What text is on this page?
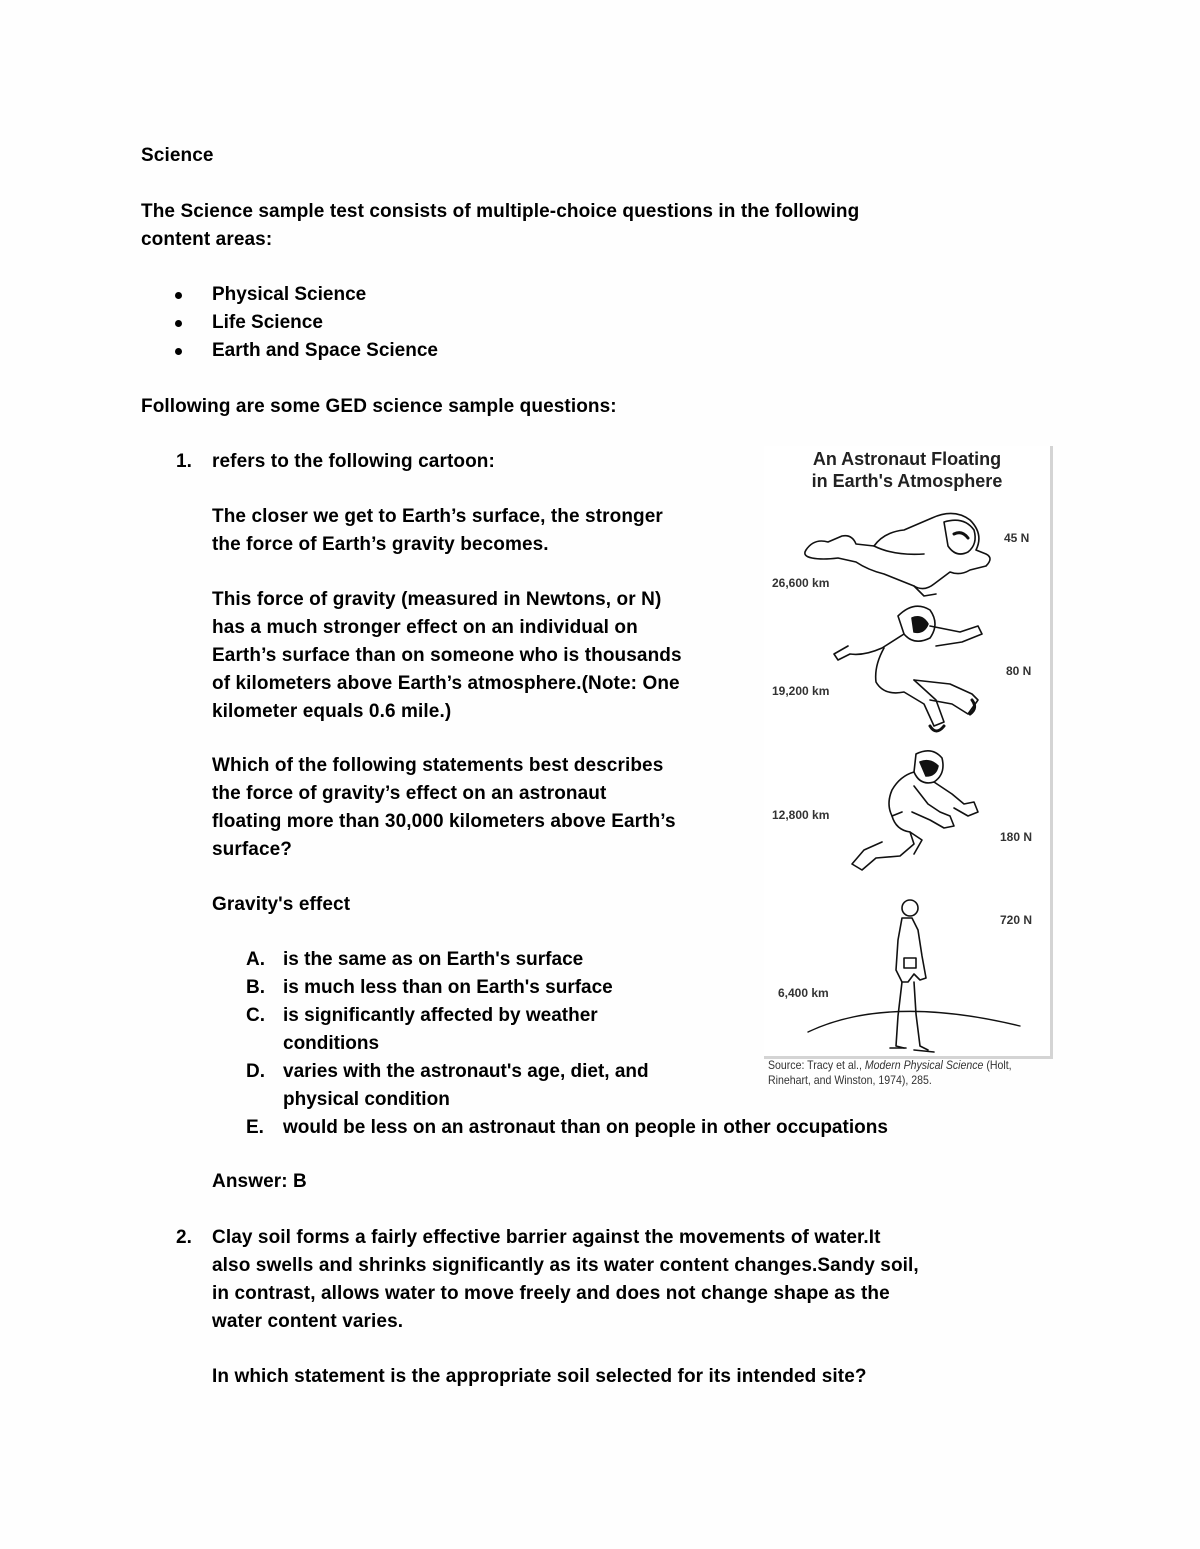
Science
The Science sample test consists of multiple-choice questions in the following
content areas:
Physical Science
Life Science
Earth and Space Science
Following are some GED science sample questions:
1. refers to the following cartoon:
The closer we get to Earth’s surface, the stronger
the force of Earth’s gravity becomes.
This force of gravity (measured in Newtons, or N)
has a much stronger effect on an individual on
Earth’s surface than on someone who is thousands
of kilometers above Earth’s atmosphere.(Note: One
kilometer equals 0.6 mile.)
Which of the following statements best describes
the force of gravity’s effect on an astronaut
floating more than 30,000 kilometers above Earth’s
surface?
Gravity's effect
A. is the same as on Earth's surface
B. is much less than on Earth's surface
C. is significantly affected by weather
conditions
D. varies with the astronaut's age, diet, and
physical condition
E. would be less on an astronaut than on people in other occupations
Answer: B
An Astronaut Floating
in Earth's Atmosphere
26,600 km
45 N
19,200 km
80 N
12,800 km
180 N
6,400 km
720 N
Source: Tracy et al., Modern Physical Science (Holt,
Rinehart, and Winston, 1974), 285.
2. Clay soil forms a fairly effective barrier against the movements of water.It
also swells and shrinks significantly as its water content changes.Sandy soil,
in contrast, allows water to move freely and does not change shape as the
water content varies.
In which statement is the appropriate soil selected for its intended site?
